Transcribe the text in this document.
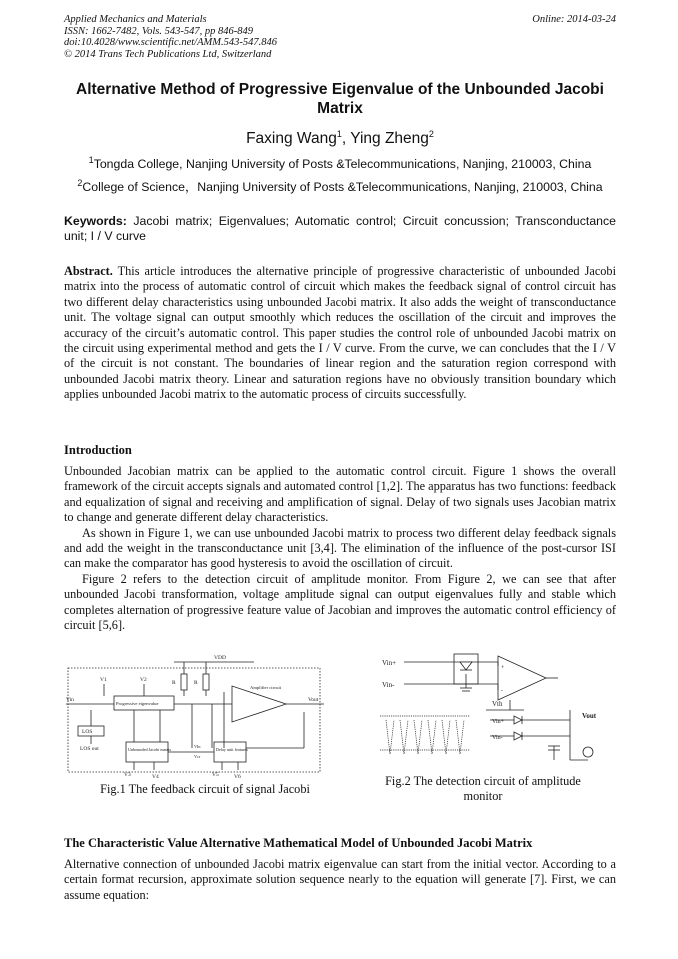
Applied Mechanics and Materials
ISSN: 1662-7482, Vols. 543-547, pp 846-849
doi:10.4028/www.scientific.net/AMM.543-547.846
© 2014 Trans Tech Publications Ltd, Switzerland
Online: 2014-03-24
Alternative Method of Progressive Eigenvalue of the Unbounded Jacobi Matrix
Faxing Wang$^1$, Ying Zheng$^2$
$^1$Tongda College, Nanjing University of Posts &Telecommunications, Nanjing, 210003, China
$^2$College of Science，Nanjing University of Posts &Telecommunications, Nanjing, 210003, China
Keywords: Jacobi matrix; Eigenvalues; Automatic control; Circuit concussion; Transconductance unit; I / V curve

Abstract. This article introduces the alternative principle of progressive characteristic of unbounded Jacobi matrix into the process of automatic control of circuit which makes the feedback signal of control circuit has two different delay characteristics using unbounded Jacobi matrix. It also adds the weight of transconductance unit. The voltage signal can output smoothly which reduces the oscillation of the circuit and improves the accuracy of the circuit’s automatic control. This paper studies the control role of unbounded Jacobi matrix on the circuit using experimental method and gets the I / V curve. From the curve, we can concludes that the I / V of the circuit is not constant. The boundaries of linear region and the saturation region correspond with unbounded Jacobi matrix theory. Linear and saturation regions have no obviously transition boundary which applies unbounded Jacobi matrix to the automatic process of circuits successfully.

Introduction

Unbounded Jacobian matrix can be applied to the automatic control circuit. Figure 1 shows the overall framework of the circuit accepts signals and automated control [1,2]. The apparatus has two functions: feedback and equalization of signal and receiving and amplification of signal. Delay of two signals uses Jacobian matrix to change and generate different delay characteristics.

As shown in Figure 1, we can use unbounded Jacobi matrix to process two different delay feedback signals and add the weight in the transconductance unit [3,4]. The elimination of the influence of the post-cursor ISI can make the comparator has good hysteresis to avoid the oscillation of circuit.

Figure 2 refers to the detection circuit of amplitude monitor. From Figure 2, we can see that after unbounded Jacobi transformation, voltage amplitude signal can output eigenvalues fully and stable which completes alternation of progressive feature value of Jacobian and improves the automatic control efficiency of circuit [5,6].

VDD
V1	V2	R	R
Vin
Progressive eigenvalue
Amplifier circuit
Vout
LOS
LOS out	Unbounded Jacobi matrix	Delay unit features
VIn
Vcr
V3	V4	V5	V6
Fig.1 The feedback circuit of signal Jacobi
Vin+
Vin-
Vth
Vin+
Vin-
Vout
+
-
Fig.2 The detection circuit of amplitude monitor
The Characteristic Value Alternative Mathematical Model of Unbounded Jacobi Matrix

Alternative connection of unbounded Jacobi matrix eigenvalue can start from the initial vector. According to a certain format recursion, approximate solution sequence nearly to the equation will generate [7]. First, we can assume equation:
